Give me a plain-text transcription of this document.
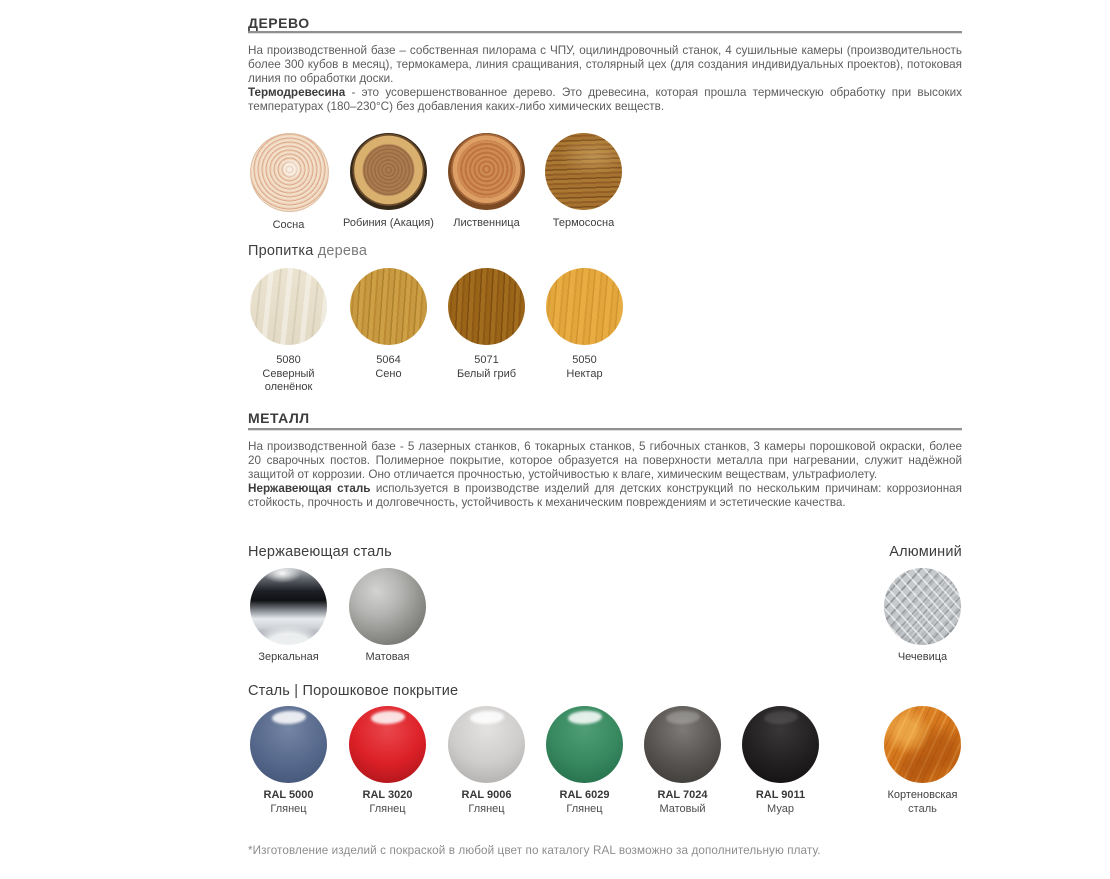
ДЕРЕВО

На производственной базе – собственная пилорама с ЧПУ, оцилиндровочный станок, 4 сушильные камеры (производительность более 300 кубов в месяц), термокамера, линия сращивания, столярный цех (для создания индивидуальных проектов), потоковая линия по обработки доски.

Термодревесина - это усовершенствованное дерево. Это древесина, которая прошла термическую обработку при высоких температурах (180–230°С) без добавления каких-либо химических веществ.

Сосна	Робиния (Акация)	Лиственница	Термососна
Пропитка дерева
5080
Северный оленёнок
5064
Сено
5071
Белый гриб
5050
Нектар
МЕТАЛЛ

На производственной базе - 5 лазерных станков, 6 токарных станков, 5 гибочных станков, 3 камеры порошковой окраски, более 20 сварочных постов. Полимерное покрытие, которое образуется на поверхности металла при нагревании, служит надёжной защитой от коррозии. Оно отличается прочностью, устойчивостью к влаге, химическим веществам, ультрафиолету.

Нержавеющая сталь используется в производстве изделий для детских конструкций по нескольким причинам: коррозионная стойкость, прочность и долговечность, устойчивость к механическим повреждениям и эстетические качества.

Нержавеющая сталь	Алюминий
Зеркальная	Матовая	Чечевица
Сталь | Порошковое покрытие
RAL 5000
Глянец
RAL 3020
Глянец
RAL 9006
Глянец
RAL 6029
Глянец
RAL 7024
Матовый
RAL 9011
Муар
Кортеновская
сталь
*Изготовление изделий с покраской в любой цвет по каталогу RAL возможно за дополнительную плату.
